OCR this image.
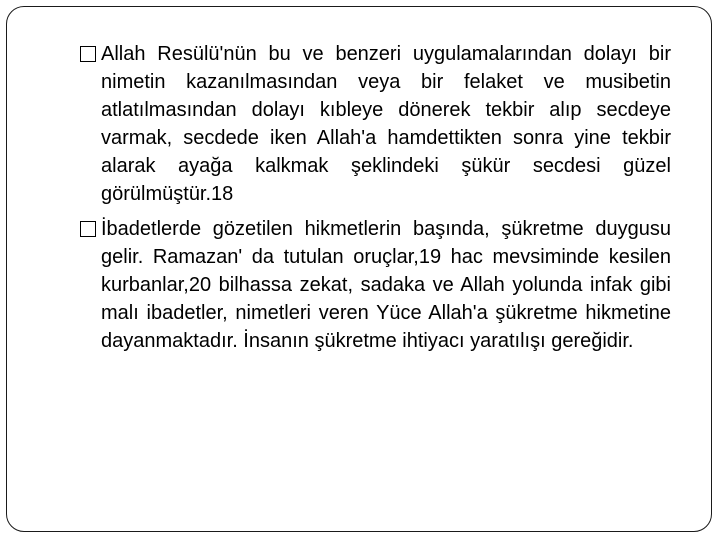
Allah Resülü'nün bu ve benzeri uygulamalarından dolayı bir nimetin kazanılmasından veya bir felaket ve musibetin atlatılmasından dolayı kıbleye dönerek tekbir alıp secdeye varmak, secdede iken Allah'a hamdettikten sonra yine tekbir alarak ayağa kalkmak şeklindeki şükür secdesi güzel görülmüştür.18

İbadetlerde gözetilen hikmetlerin başında, şükretme duygusu gelir. Ramazan' da tutulan oruçlar,19 hac mevsiminde kesilen kurbanlar,20 bilhassa zekat, sadaka ve Allah yolunda infak gibi malı ibadetler, nimetleri veren Yüce Allah'a şükretme hikmetine dayanmaktadır. İnsanın şükretme ihtiyacı yaratılışı gereğidir.
